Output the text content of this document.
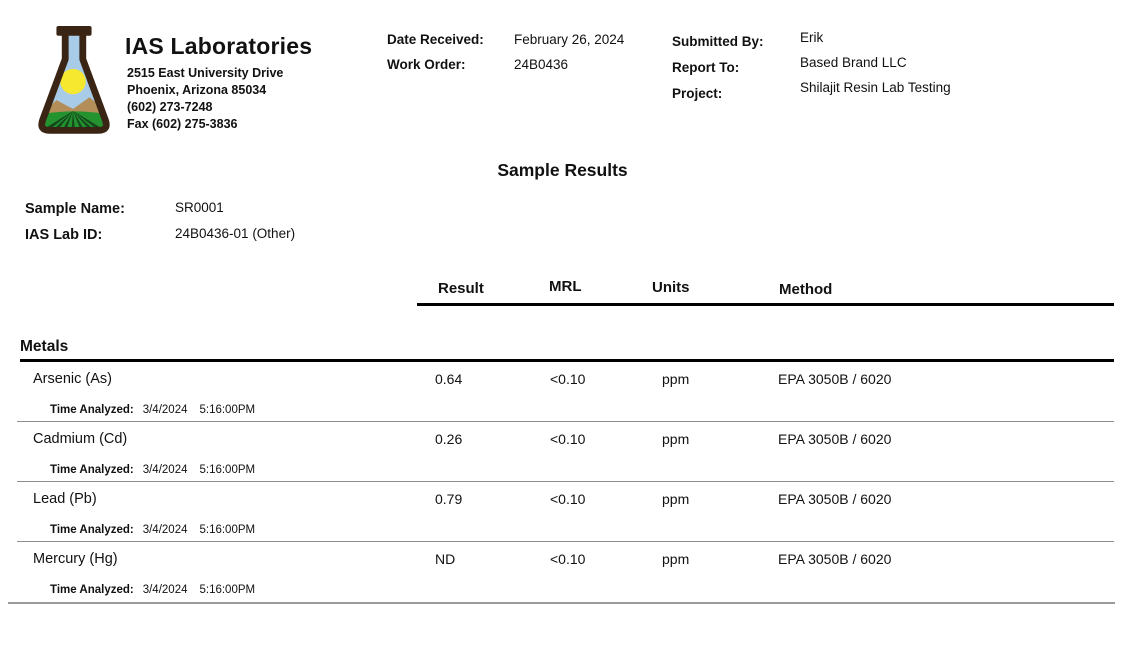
IAS Laboratories
2515 East University Drive
Phoenix, Arizona 85034
(602) 273-7248
Fax (602) 275-3836
Date Received: February 26, 2024
Work Order:	24B0436
Submitted By:	Erik
Report To:	Based Brand LLC
Project:	Shilajit Resin Lab Testing
Sample Results
Sample Name:	SR0001
IAS Lab ID:	24B0436-01 (Other)
Result	MRL	Units	Method
Metals
Arsenic (As)	0.64	<0.10	ppm	EPA 3050B / 6020
Time Analyzed: 3/4/2024 5:16:00PM
Cadmium (Cd)	0.26	<0.10	ppm	EPA 3050B / 6020
Time Analyzed: 3/4/2024 5:16:00PM
Lead (Pb)	0.79	<0.10	ppm	EPA 3050B / 6020
Time Analyzed: 3/4/2024 5:16:00PM
Mercury (Hg)	ND	<0.10	ppm	EPA 3050B / 6020
Time Analyzed: 3/4/2024 5:16:00PM
